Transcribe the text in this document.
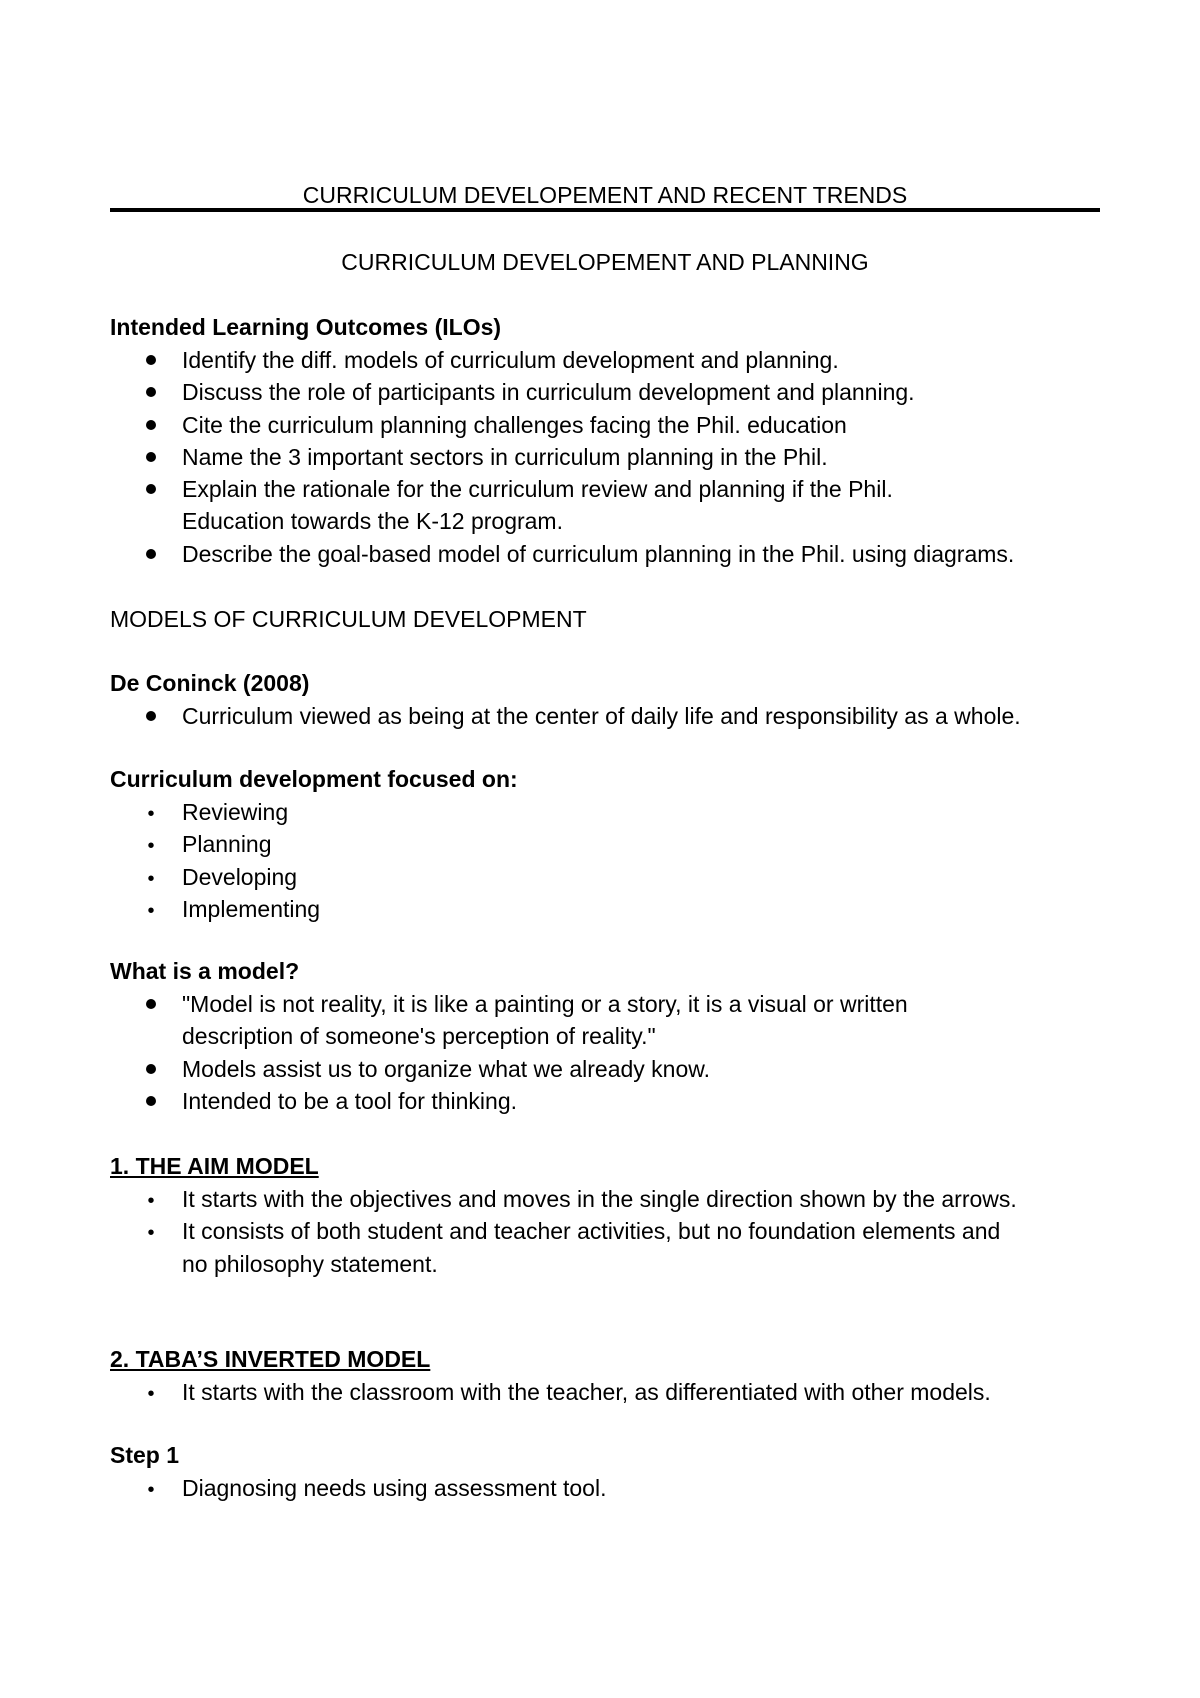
CURRICULUM DEVELOPEMENT AND RECENT TRENDS
CURRICULUM DEVELOPEMENT AND PLANNING
Intended Learning Outcomes (ILOs)
Identify the diff. models of curriculum development and planning.
Discuss the role of participants in curriculum development and planning.
Cite the curriculum planning challenges facing the Phil. education
Name the 3 important sectors in curriculum planning in the Phil.
Explain the rationale for the curriculum review and planning if the Phil. Education towards the K-12 program.
Describe the goal-based model of curriculum planning in the Phil. using diagrams.
MODELS OF CURRICULUM DEVELOPMENT
De Coninck (2008)
Curriculum viewed as being at the center of daily life and responsibility as a whole.
Curriculum development focused on:
•
Reviewing
•
Planning
•
Developing
•
Implementing
What is a model?
"Model is not reality, it is like a painting or a story, it is a visual or written description of someone's perception of reality."
Models assist us to organize what we already know.
Intended to be a tool for thinking.
1. THE AIM MODEL
•
It starts with the objectives and moves in the single direction shown by the arrows.
•
It consists of both student and teacher activities, but no foundation elements and no philosophy statement.
2. TABA’S INVERTED MODEL
•
It starts with the classroom with the teacher, as differentiated with other models.
Step 1
•
Diagnosing needs using assessment tool.
